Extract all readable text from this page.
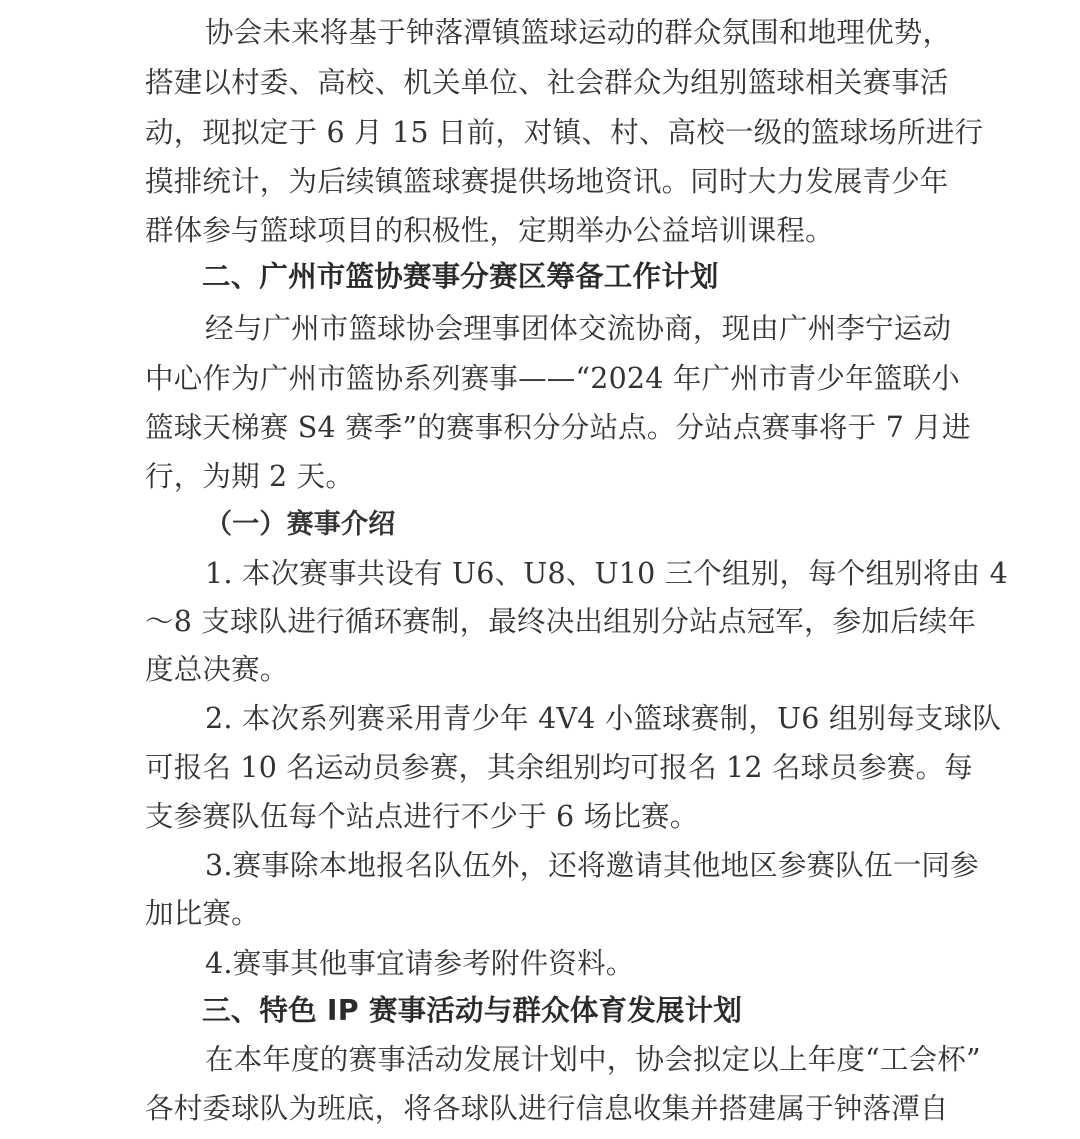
协会未来将基于钟落潭镇篮球运动的群众氛围和地理优势，
搭建以村委、高校、机关单位、社会群众为组别篮球相关赛事活
动，现拟定于 6 月 15 日前，对镇、村、高校一级的篮球场所进行
摸排统计，为后续镇篮球赛提供场地资讯。同时大力发展青少年
群体参与篮球项目的积极性，定期举办公益培训课程。
二、广州市篮协赛事分赛区筹备工作计划
经与广州市篮球协会理事团体交流协商，现由广州李宁运动
中心作为广州市篮协系列赛事——“2024 年广州市青少年篮联小
篮球天梯赛 S4 赛季”的赛事积分分站点。分站点赛事将于 7 月进
行，为期 2 天。
（一）赛事介绍
1. 本次赛事共设有 U6、U8、U10 三个组别，每个组别将由 4
～8 支球队进行循环赛制，最终决出组别分站点冠军，参加后续年
度总决赛。
2. 本次系列赛采用青少年 4V4 小篮球赛制，U6 组别每支球队
可报名 10 名运动员参赛，其余组别均可报名 12 名球员参赛。每
支参赛队伍每个站点进行不少于 6 场比赛。
3.赛事除本地报名队伍外，还将邀请其他地区参赛队伍一同参
加比赛。
4.赛事其他事宜请参考附件资料。
三、特色 IP 赛事活动与群众体育发展计划
在本年度的赛事活动发展计划中，协会拟定以上年度“工会杯”
各村委球队为班底，将各球队进行信息收集并搭建属于钟落潭自
